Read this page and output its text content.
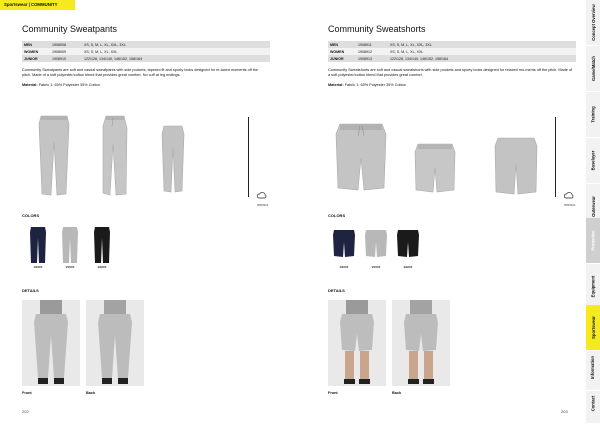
Sportswear | COMMUNITY
Community Sweatpants
MEN	1908908	XS, S, M, L, XL, XXL, 3XL
WOMEN	1908909	XS, S, M, L, XL, XXL
JUNIOR	1908910	122/128, 134/140, 146/152, 158/164

Community Sweatpants are soft and casual sweatpants with side pockets, tapered fit and sporty looks designed for re-laxed moments off the pitch. Made of a soft polyester/cotton blend that provides great comfort. No cuff at leg endings.

Material: Fabric 1: 65% Polyester 35% Cotton

SPRINGS
COLORS
390000	950000	999000
DETAILS
Front	Back
202
Community Sweatshorts
MEN	1908911	XS, S, M, L, XL, XXL, 3XL
WOMEN	1908912	XS, S, M, L, XL, XXL
JUNIOR	1908913	122/128, 134/140, 146/152, 158/164

Community Sweatshorts are soft and casual sweatshorts with side pockets and sporty looks designed for relaxed mo-ments off the pitch. Made of a soft polyester/cotton blend that provides great comfort.

Material: Fabric 1: 65% Polyester 35% Cotton

SPRINGS
COLORS
390000	950000	999000
DETAILS
Front	Back
203
Concept Overview
Game/Match
Training
Baselayer
Outerwear
Protective
Equipment
Sportswear
Information
Contact
